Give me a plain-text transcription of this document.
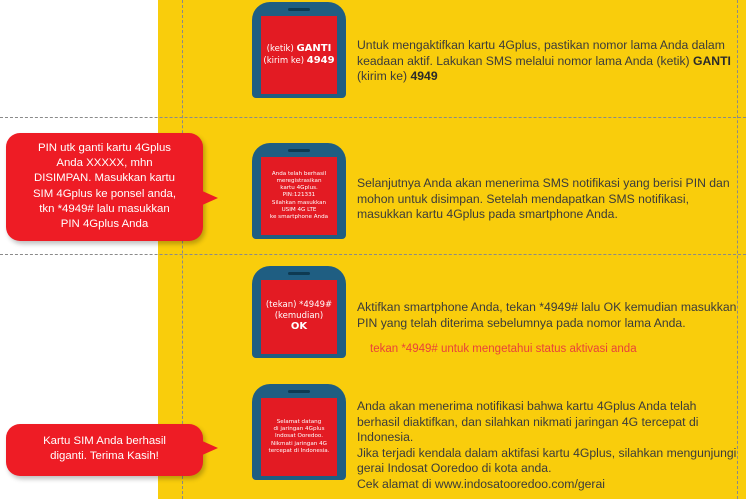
(ketik) GANTI
(kirim ke) 4949
Untuk mengaktifkan kartu 4Gplus, pastikan nomor lama Anda dalam keadaan aktif. Lakukan SMS melalui nomor lama Anda (ketik) GANTI (kirim ke) 4949
Anda telah berhasil
meregistrasikan
kartu 4Gplus.
PIN:121331
Silahkan masukkan
USIM 4G LTE
ke smartphone Anda
Selanjutnya Anda akan menerima SMS notifikasi yang berisi PIN dan mohon untuk disimpan. Setelah mendapatkan SMS notifikasi, masukkan kartu 4Gplus pada smartphone Anda.
(tekan) *4949#
(kemudian)
OK
Aktifkan smartphone Anda, tekan *4949# lalu OK kemudian masukkan PIN yang telah diterima sebelumnya pada nomor lama Anda.
tekan *4949# untuk mengetahui status aktivasi anda
Selamat datang
di jaringan 4Gplus
Indosat Ooredoo.
Nikmati jaringan 4G
tercepat di Indonesia.
Anda akan menerima notifikasi bahwa kartu 4Gplus Anda telah berhasil diaktifkan, dan silahkan nikmati jaringan 4G tercepat di Indonesia.
Jika terjadi kendala dalam aktifasi kartu 4Gplus, silahkan mengunjungi gerai Indosat Ooredoo di kota anda.
Cek alamat di www.indosatooredoo.com/gerai
PIN utk ganti kartu 4Gplus
Anda XXXXX, mhn
DISIMPAN. Masukkan kartu
SIM 4Gplus ke ponsel anda,
tkn *4949# lalu masukkan
PIN 4Gplus Anda
Kartu SIM Anda berhasil
diganti. Terima Kasih!
